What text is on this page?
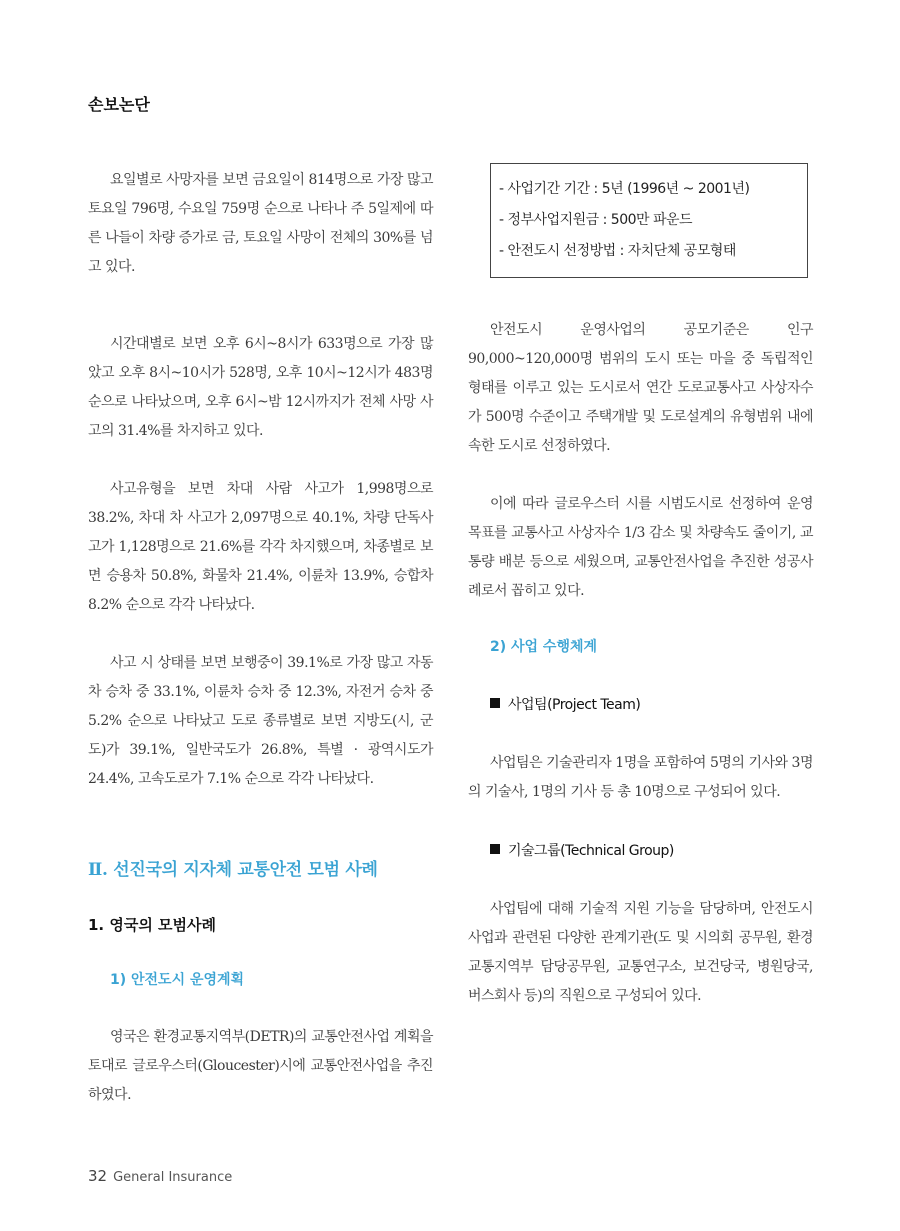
손보논단

요일별로 사망자를 보면 금요일이 814명으로 가장 많고 토요일 796명, 수요일 759명 순으로 나타나 주 5일제에 따른 나들이 차량 증가로 금, 토요일 사망이 전체의 30%를 넘고 있다.

시간대별로 보면 오후 6시~8시가 633명으로 가장 많았고 오후 8시~10시가 528명, 오후 10시~12시가 483명 순으로 나타났으며, 오후 6시~밤 12시까지가 전체 사망 사고의 31.4%를 차지하고 있다.

사고유형을 보면 차대 사람 사고가 1,998명으로 38.2%, 차대 차 사고가 2,097명으로 40.1%, 차량 단독사고가 1,128명으로 21.6%를 각각 차지했으며, 차종별로 보면 승용차 50.8%, 화물차 21.4%, 이륜차 13.9%, 승합차 8.2% 순으로 각각 나타났다.

사고 시 상태를 보면 보행중이 39.1%로 가장 많고 자동차 승차 중 33.1%, 이륜차 승차 중 12.3%, 자전거 승차 중 5.2% 순으로 나타났고 도로 종류별로 보면 지방도(시, 군도)가 39.1%, 일반국도가 26.8%, 특별 · 광역시도가 24.4%, 고속도로가 7.1% 순으로 각각 나타났다.

Ⅱ. 선진국의 지자체 교통안전 모범 사례
1. 영국의 모범사례
1) 안전도시 운영계획

영국은 환경교통지역부(DETR)의 교통안전사업 계획을 토대로 글로우스터(Gloucester)시에 교통안전사업을 추진하였다.

- 사업기간 기간 : 5년 (1996년 ~ 2001년)
- 정부사업지원금 : 500만 파운드
- 안전도시 선정방법 : 자치단체 공모형태

안전도시 운영사업의 공모기준은 인구 90,000~120,000명 범위의 도시 또는 마을 중 독립적인 형태를 이루고 있는 도시로서 연간 도로교통사고 사상자수가 500명 수준이고 주택개발 및 도로설계의 유형범위 내에 속한 도시로 선정하였다.

이에 따라 글로우스터 시를 시범도시로 선정하여 운영목표를 교통사고 사상자수 1/3 감소 및 차량속도 줄이기, 교통량 배분 등으로 세웠으며, 교통안전사업을 추진한 성공사례로서 꼽히고 있다.

2) 사업 수행체계
사업팀(Project Team)

사업팀은 기술관리자 1명을 포함하여 5명의 기사와 3명의 기술사, 1명의 기사 등 총 10명으로 구성되어 있다.

기술그룹(Technical Group)

사업팀에 대해 기술적 지원 기능을 담당하며, 안전도시 사업과 관련된 다양한 관계기관(도 및 시의회 공무원, 환경교통지역부 담당공무원, 교통연구소, 보건당국, 병원당국, 버스회사 등)의 직원으로 구성되어 있다.

32 General Insurance
